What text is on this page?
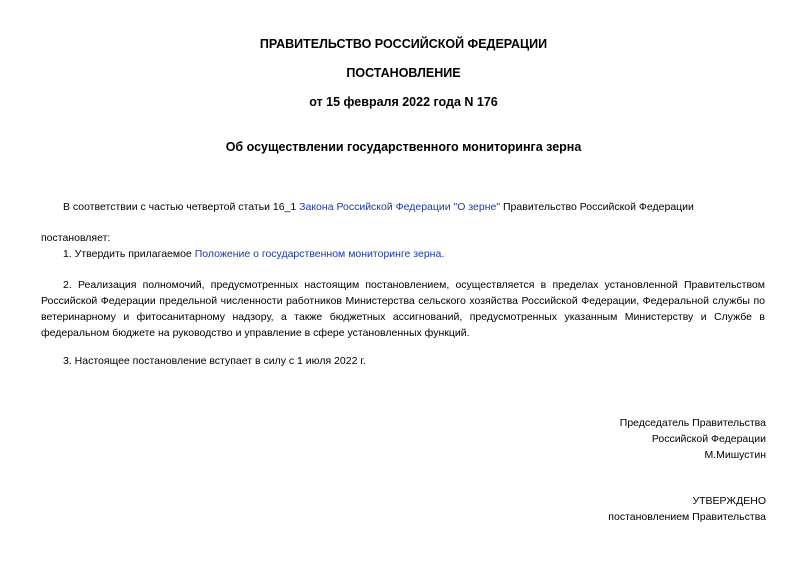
ПРАВИТЕЛЬСТВО РОССИЙСКОЙ ФЕДЕРАЦИИ
ПОСТАНОВЛЕНИЕ
от 15 февраля 2022 года N 176
Об осуществлении государственного мониторинга зерна
В соответствии с частью четвертой статьи 16_1 Закона Российской Федерации "О зерне" Правительство Российской Федерации
постановляет:
1. Утвердить прилагаемое Положение о государственном мониторинге зерна.
2. Реализация полномочий, предусмотренных настоящим постановлением, осуществляется в пределах установленной Правительством Российской Федерации предельной численности работников Министерства сельского хозяйства Российской Федерации, Федеральной службы по ветеринарному и фитосанитарному надзору, а также бюджетных ассигнований, предусмотренных указанным Министерству и Службе в федеральном бюджете на руководство и управление в сфере установленных функций.
3. Настоящее постановление вступает в силу с 1 июля 2022 г.
Председатель Правительства
Российской Федерации
М.Мишустин
УТВЕРЖДЕНО
постановлением Правительства
